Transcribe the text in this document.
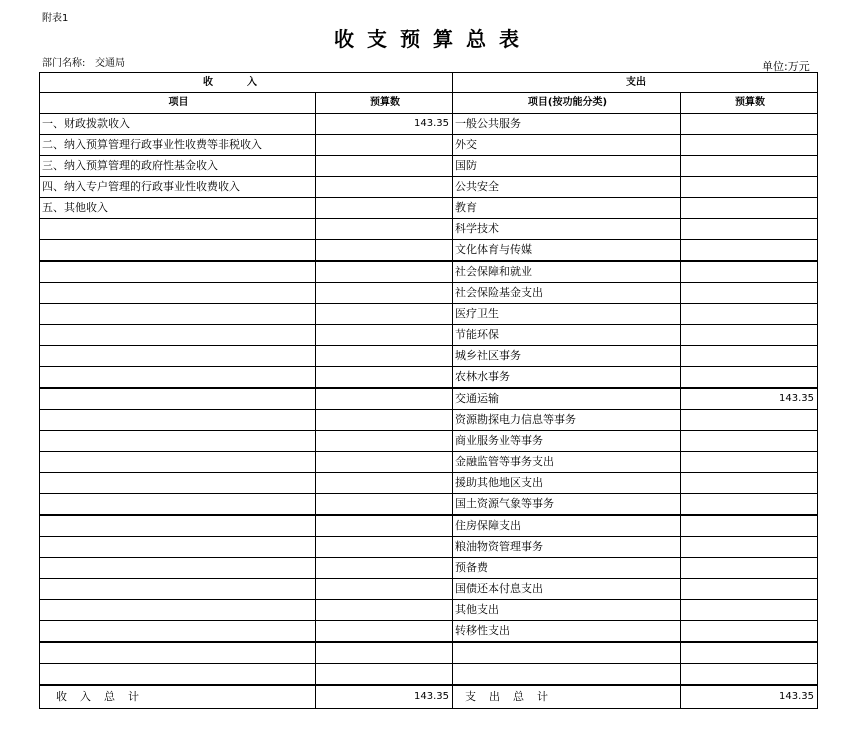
附表1
收支预算总表
部门名称: 交通局	单位:万元
收入		支出	
项目	预算数	项目(按功能分类)	预算数
一、财政拨款收入	143.35	一般公共服务	
二、纳入预算管理行政事业性收费等非税收入		外交	
三、纳入预算管理的政府性基金收入		国防	
四、纳入专户管理的行政事业性收费收入		公共安全	
五、其他收入		教育	
		科学技术	
		文化体育与传媒	
		社会保障和就业	
		社会保险基金支出	
		医疗卫生	
		节能环保	
		城乡社区事务	
		农林水事务	
		交通运输	143.35
		资源勘探电力信息等事务	
		商业服务业等事务	
		金融监管等事务支出	
		援助其他地区支出	
		国土资源气象等事务	
		住房保障支出	
		粮油物资管理事务	
		预备费	
		国债还本付息支出	
		其他支出	
		转移性支出	

收入总计	143.35	支出总计	143.35
